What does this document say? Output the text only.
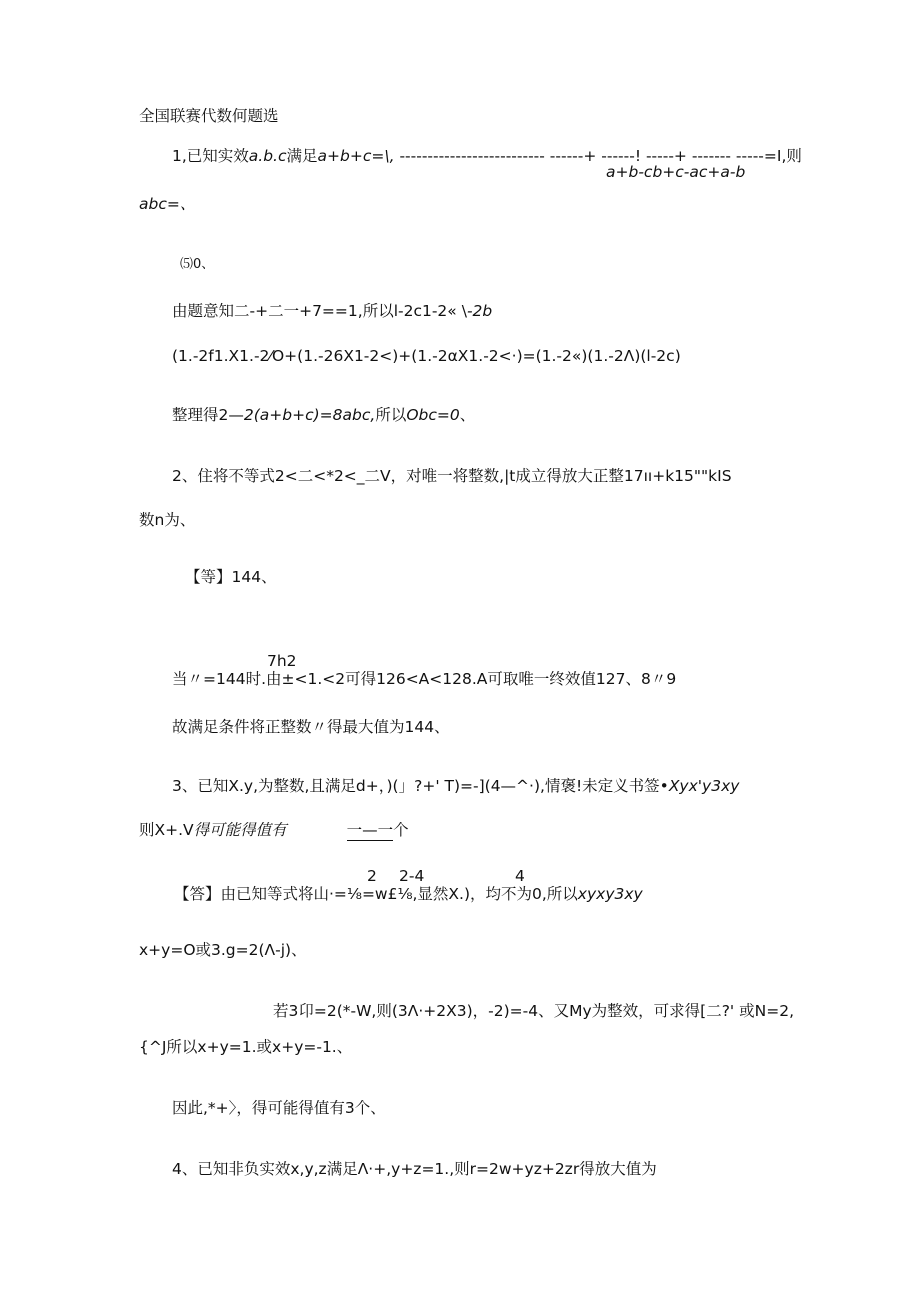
全国联赛代数何题选
1,已知实效a.b.c满足a+b+c=\, -------------------------- ------+ ------! -----+ ------- -----=I,则
a+b-cb+c-ac+a-b
abc=、
⑸0、
由题意知二-+二一+7==1,所以l-2c1-2« \-2b
(1.-2f1.X1.-2⁄O+(1.-26X1-2<)+(1.-2αX1.-2<·)=(1.-2«)(1.-2Λ)(l-2c)
整理得2—2(a+b+c)=8abc,所以Obc=0、
2、住将不等式2<二<*2<_二V，对唯一将整数,|t成立得放大正整17ıı+k15""kIS
数n为、
【等】144、
7h2
当〃=144时.由±<1.<2可得126<A<128.A可取唯一终效值127、8〃9
故满足条件将正整数〃得最大值为144、
3、已知X.y,为整数,且满足d+，)(」?+' T)=-](4—^·),情褒!未定义书签•Xyx'y3xy
则X+.V得可能得值有	一—一个
2 2-4	4
【答】由已知等式将山·=⅛=w£⅛,显然X.)，均不为0,所以xyxy3xy
x+y=O或3.g=2(Λ-j)、
若3卬=2(*-W,则(3Λ·+2X3)，-2)=-4、又My为整效，可求得[二?' 或N=2,
{^J所以x+y=1.或x+y=-1.、
因此,*+〉，得可能得值有3个、
4、已知非负实效x,y,z满足Λ·+,y+z=1.,则r=2w+yz+2zr得放大值为
